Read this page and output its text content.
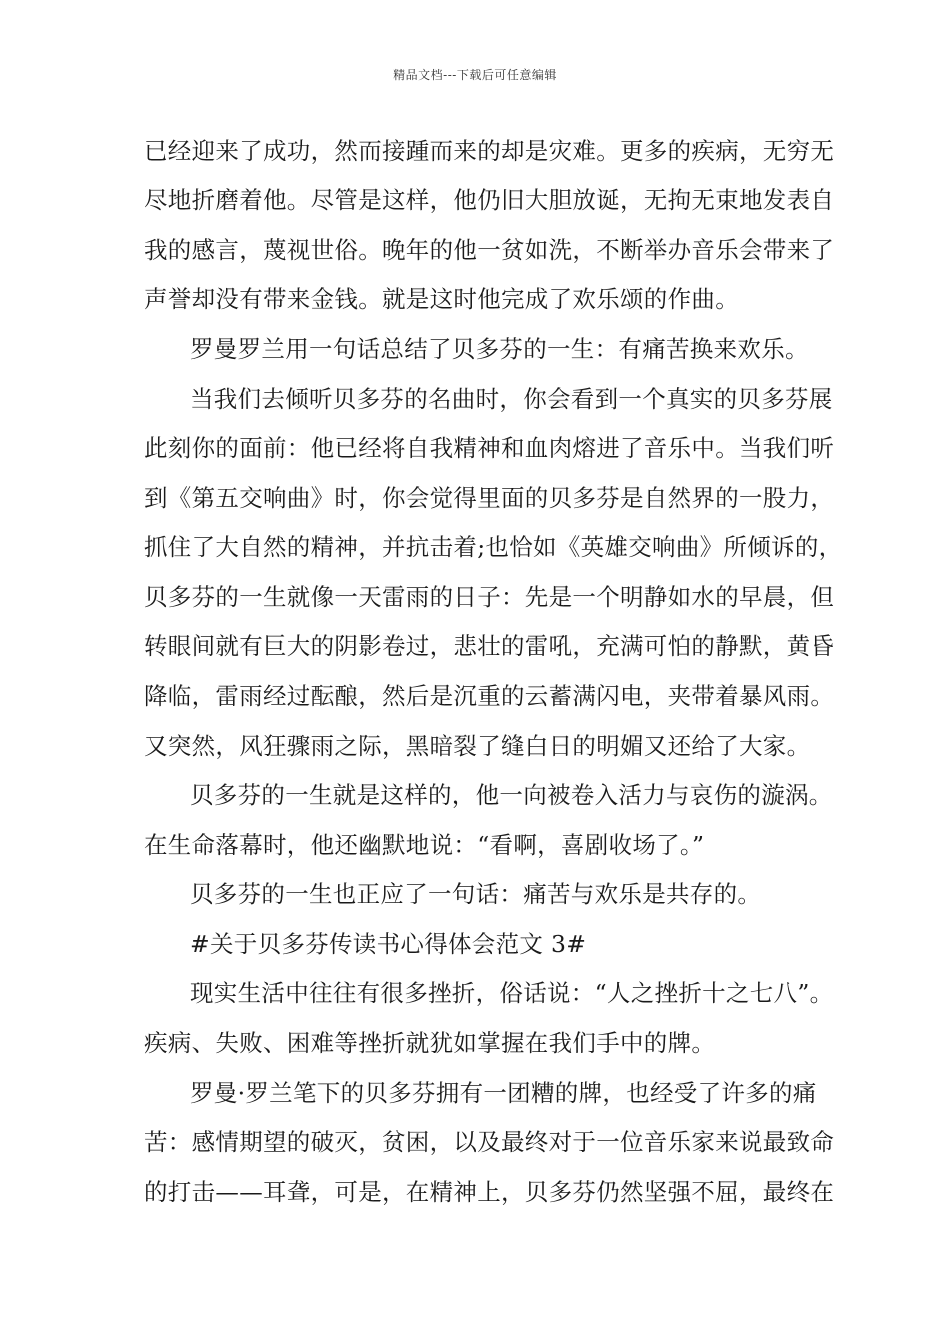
精品文档---下载后可任意编辑
已经迎来了成功，然而接踵而来的却是灾难。更多的疾病，无穷无
尽地折磨着他。尽管是这样，他仍旧大胆放诞，无拘无束地发表自
我的感言，蔑视世俗。晚年的他一贫如洗，不断举办音乐会带来了
声誉却没有带来金钱。就是这时他完成了欢乐颂的作曲。
罗曼罗兰用一句话总结了贝多芬的一生：有痛苦换来欢乐。
当我们去倾听贝多芬的名曲时，你会看到一个真实的贝多芬展
此刻你的面前：他已经将自我精神和血肉熔进了音乐中。当我们听
到《第五交响曲》时，你会觉得里面的贝多芬是自然界的一股力，
抓住了大自然的精神，并抗击着;也恰如《英雄交响曲》所倾诉的，
贝多芬的一生就像一天雷雨的日子：先是一个明静如水的早晨，但
转眼间就有巨大的阴影卷过，悲壮的雷吼，充满可怕的静默，黄昏
降临，雷雨经过酝酿，然后是沉重的云蓄满闪电，夹带着暴风雨。
又突然，风狂骤雨之际，黑暗裂了缝白日的明媚又还给了大家。
贝多芬的一生就是这样的，他一向被卷入活力与哀伤的漩涡。
在生命落幕时，他还幽默地说：“看啊，喜剧收场了。”
贝多芬的一生也正应了一句话：痛苦与欢乐是共存的。
#关于贝多芬传读书心得体会范文 3#
现实生活中往往有很多挫折，俗话说：“人之挫折十之七八”。
疾病、失败、困难等挫折就犹如掌握在我们手中的牌。
罗曼·罗兰笔下的贝多芬拥有一团糟的牌，也经受了许多的痛
苦：感情期望的破灭，贫困，以及最终对于一位音乐家来说最致命
的打击——耳聋，可是，在精神上，贝多芬仍然坚强不屈，最终在
